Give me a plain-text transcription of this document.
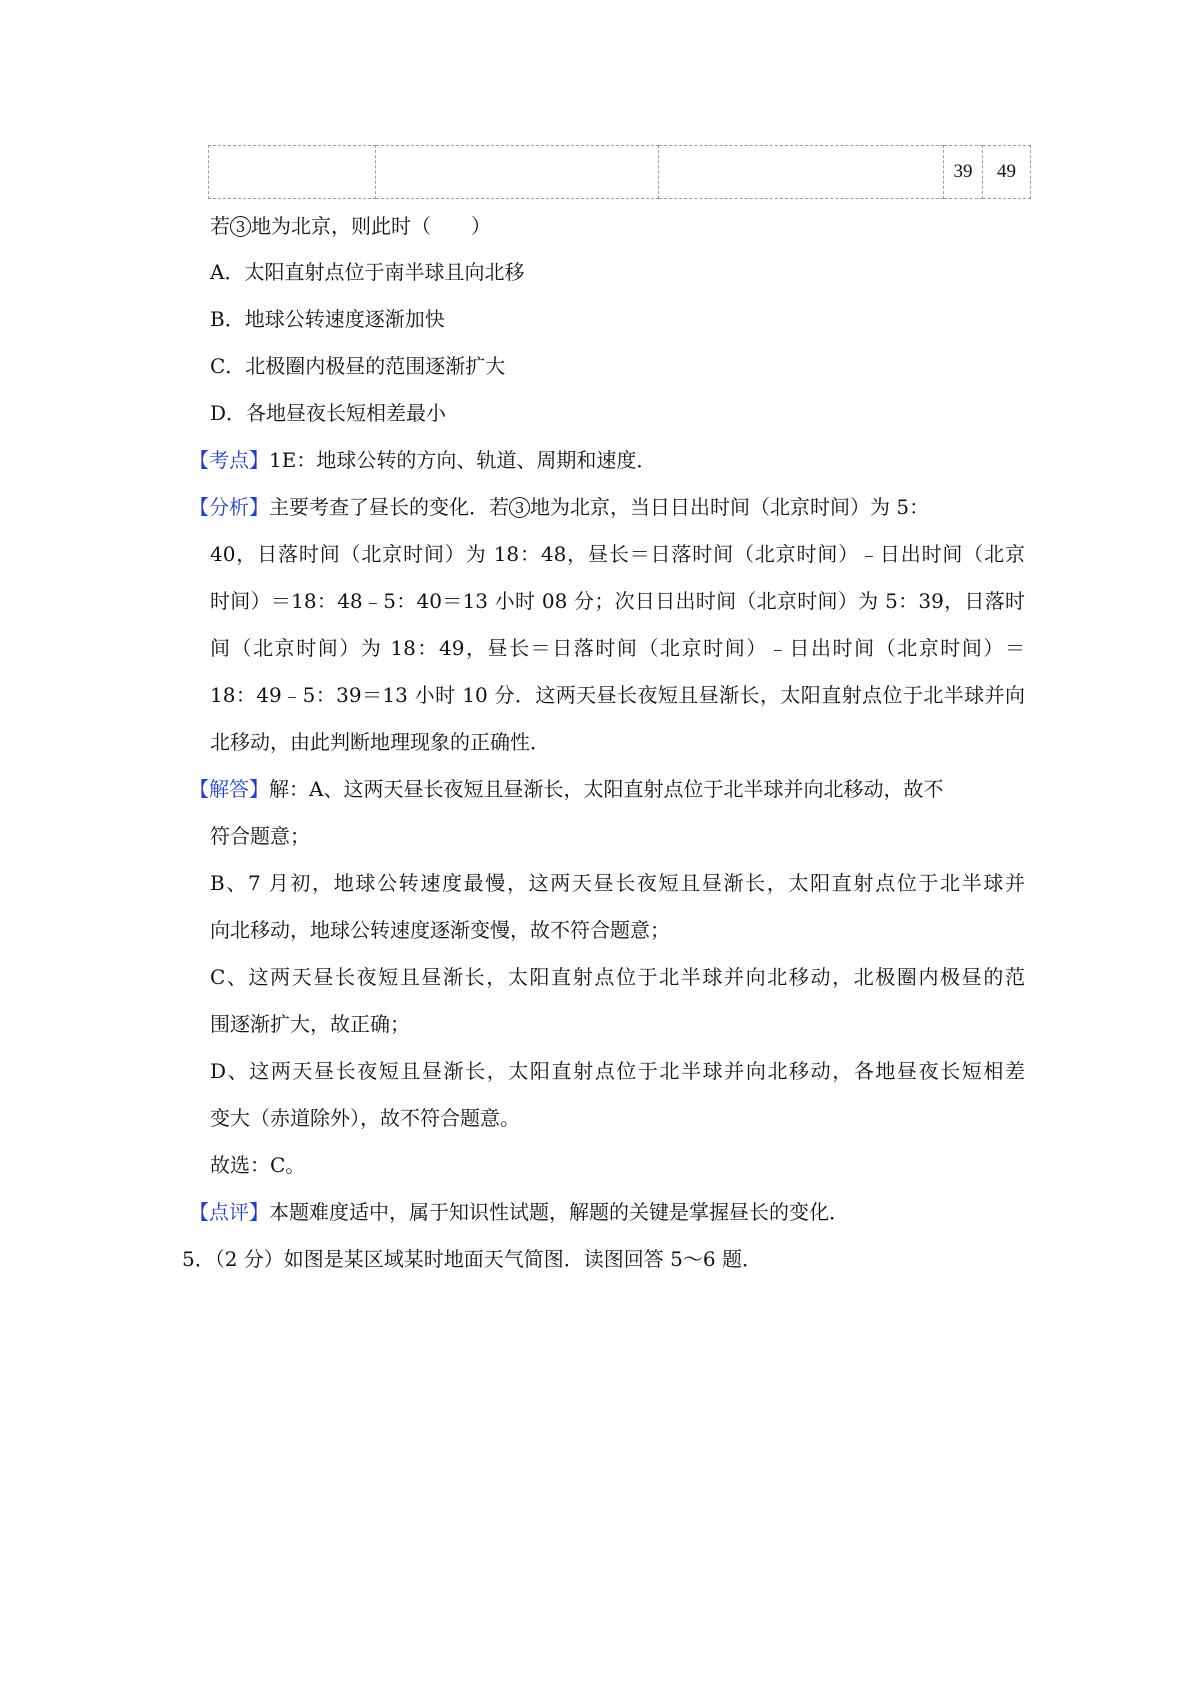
			39	49
若 3 地为北京，则此时（　　）
A．太阳直射点位于南半球且向北移
B．地球公转速度逐渐加快
C．北极圈内极昼的范围逐渐扩大
D．各地昼夜长短相差最小
【考点】1E：地球公转的方向、轨道、周期和速度．
【分析】主要考查了昼长的变化．若 3 地为北京，当日日出时间（北京时间）为 5：
40，日落时间（北京时间）为 18：48，昼长＝日落时间（北京时间）﹣日出时间（北京
时间）＝18：48﹣5：40＝13 小时 08 分；次日日出时间（北京时间）为 5：39，日落时
间（北京时间）为 18：49，昼长＝日落时间（北京时间）﹣日出时间（北京时间）＝
18：49﹣5：39＝13 小时 10 分．这两天昼长夜短且昼渐长，太阳直射点位于北半球并向
北移动，由此判断地理现象的正确性．
【解答】解：A、这两天昼长夜短且昼渐长，太阳直射点位于北半球并向北移动，故不
符合题意；
B、7 月初，地球公转速度最慢，这两天昼长夜短且昼渐长，太阳直射点位于北半球并
向北移动，地球公转速度逐渐变慢，故不符合题意；
C、这两天昼长夜短且昼渐长，太阳直射点位于北半球并向北移动，北极圈内极昼的范
围逐渐扩大，故正确；
D、这两天昼长夜短且昼渐长，太阳直射点位于北半球并向北移动，各地昼夜长短相差
变大（赤道除外），故不符合题意。
故选：C。
【点评】本题难度适中，属于知识性试题，解题的关键是掌握昼长的变化．
5．（2 分）如图是某区域某时地面天气简图．读图回答 5～6 题．
